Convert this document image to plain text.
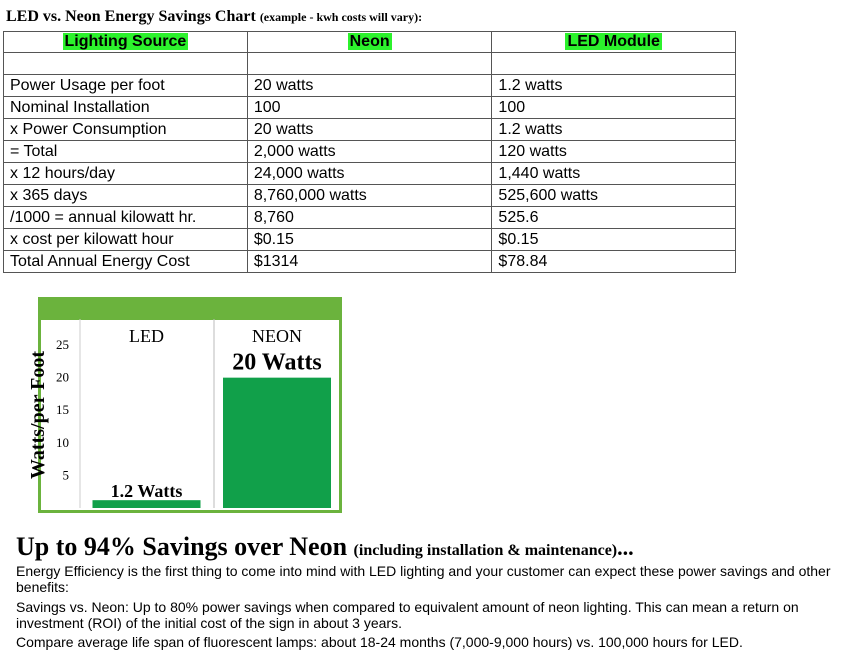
LED vs. Neon Energy Savings Chart (example - kwh costs will vary):
Lighting Source	Neon	LED Module

Power Usage per foot	20 watts	1.2 watts
Nominal Installation	100	100
x Power Consumption	20 watts	1.2 watts
= Total	2,000 watts	120 watts
x 12 hours/day	24,000 watts	1,440 watts
x 365 days	8,760,000 watts	525,600 watts
/1000 = annual kilowatt hr.	8,760	525.6
x cost per kilowatt hour	$0.15	$0.15
Total Annual Energy Cost	$1314	$78.84
Watts/per Foot 5
10
15
20
25	LED
1.2 Watts
NEON
20 Watts
Up to 94% Savings over Neon (including installation & maintenance)...

Energy Efficiency is the first thing to come into mind with LED lighting and your customer can expect these power savings and other benefits:

Savings vs. Neon: Up to 80% power savings when compared to equivalent amount of neon lighting. This can mean a return on investment (ROI) of the initial cost of the sign in about 3 years.

Compare average life span of fluorescent lamps: about 18-24 months (7,000-9,000 hours) vs. 100,000 hours for LED.
